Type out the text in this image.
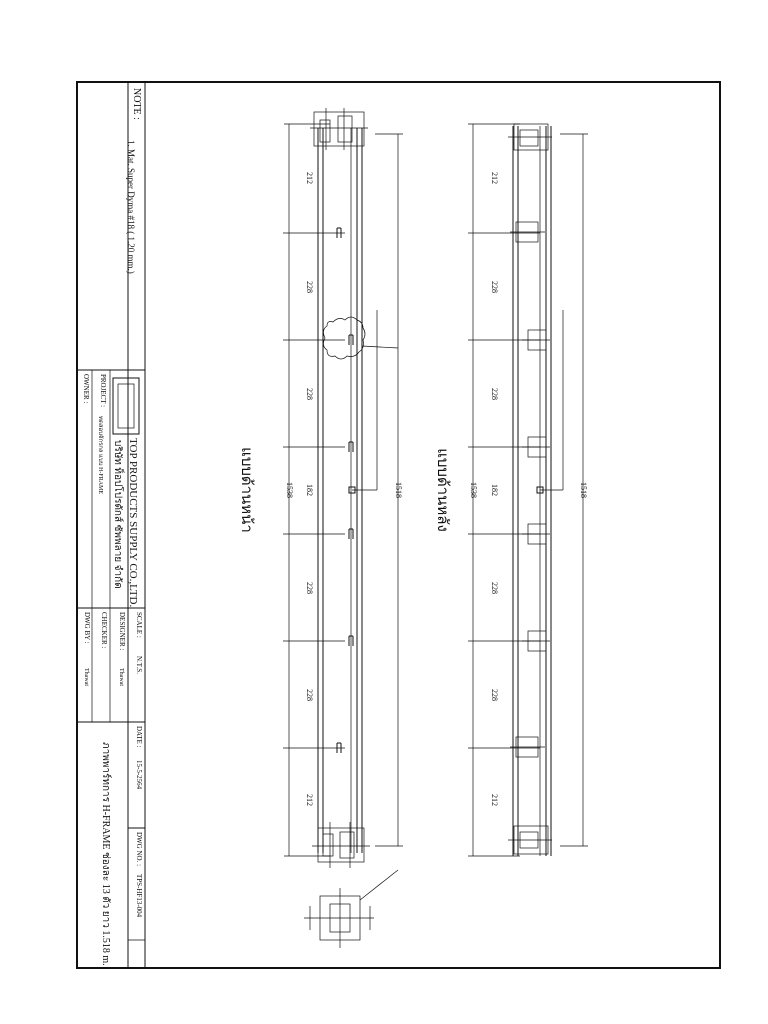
NOTE :
1. Mat. Super Dyma #18 ( 1.20 mm.)
TOP PRODUCTS SUPPLY CO.,LTD.
บริษัท ท็อปโปรดักส์ ซัพพลาย จำกัด
PROJECT :
ทดสอบจักรกล แบบ H-FRAME
OWNER :
SCALE :
N.T.S.
DESIGNER :
Thawat
CHECKER :
DWG BY :
Thawat
DATE :
15-5-2564
DWG NO. :
TPS-HF13-004
ภาพพาร์ทการ H-FRAME ช่องละ 13 ตัว ยาว 1.518 m.
แบบด้านหน้า	1538	1518
212
228
228
182
228
228
212
แบบด้านหลัง 1538	1518
212
228
228
182
228
228
212
